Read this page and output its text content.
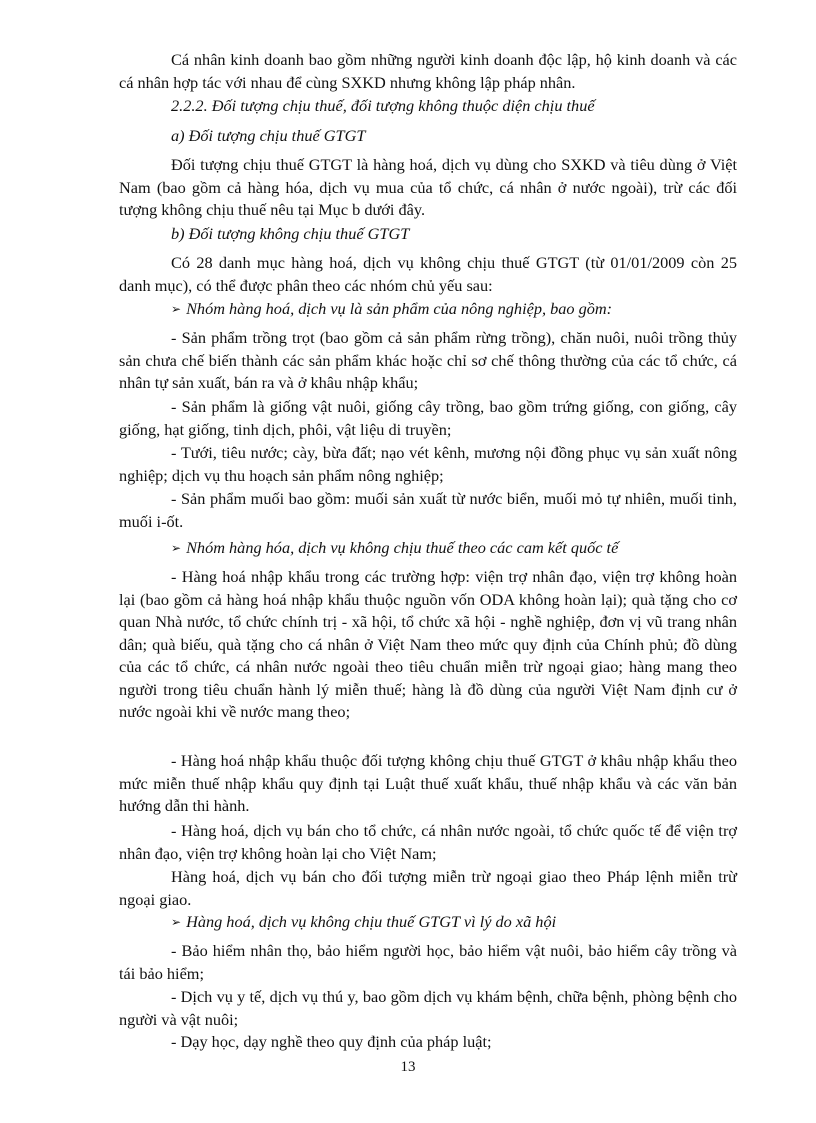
Cá nhân kinh doanh bao gồm những người kinh doanh độc lập, hộ kinh doanh và các cá nhân hợp tác với nhau để cùng SXKD nhưng không lập pháp nhân.

2.2.2. Đối tượng chịu thuế, đối tượng không thuộc diện chịu thuế

a) Đối tượng chịu thuế GTGT

Đối tượng chịu thuế GTGT là hàng hoá, dịch vụ dùng cho SXKD và tiêu dùng ở Việt Nam (bao gồm cả hàng hóa, dịch vụ mua của tổ chức, cá nhân ở nước ngoài), trừ các đối tượng không chịu thuế nêu tại Mục b dưới đây.

b) Đối tượng không chịu thuế GTGT

Có 28 danh mục hàng hoá, dịch vụ không chịu thuế GTGT (từ 01/01/2009 còn 25 danh mục), có thể được phân theo các nhóm chủ yếu sau:

➢ Nhóm hàng hoá, dịch vụ là sản phẩm của nông nghiệp, bao gồm:

- Sản phẩm trồng trọt (bao gồm cả sản phẩm rừng trồng), chăn nuôi, nuôi trồng thủy sản chưa chế biến thành các sản phẩm khác hoặc chỉ sơ chế thông thường của các tổ chức, cá nhân tự sản xuất, bán ra và ở khâu nhập khẩu;

- Sản phẩm là giống vật nuôi, giống cây trồng, bao gồm trứng giống, con giống, cây giống, hạt giống, tinh dịch, phôi, vật liệu di truyền;

- Tưới, tiêu nước; cày, bừa đất; nạo vét kênh, mương nội đồng phục vụ sản xuất nông nghiệp; dịch vụ thu hoạch sản phẩm nông nghiệp;

- Sản phẩm muối bao gồm: muối sản xuất từ nước biển, muối mỏ tự nhiên, muối tinh, muối i-ốt.

➢ Nhóm hàng hóa, dịch vụ không chịu thuế theo các cam kết quốc tế

- Hàng hoá nhập khẩu trong các trường hợp: viện trợ nhân đạo, viện trợ không hoàn lại (bao gồm cả hàng hoá nhập khẩu thuộc nguồn vốn ODA không hoàn lại); quà tặng cho cơ quan Nhà nước, tổ chức chính trị - xã hội, tổ chức xã hội - nghề nghiệp, đơn vị vũ trang nhân dân; quà biếu, quà tặng cho cá nhân ở Việt Nam theo mức quy định của Chính phủ; đồ dùng của các tổ chức, cá nhân nước ngoài theo tiêu chuẩn miễn trừ ngoại giao; hàng mang theo người trong tiêu chuẩn hành lý miễn thuế; hàng là đồ dùng của người Việt Nam định cư ở nước ngoài khi về nước mang theo;

- Hàng hoá nhập khẩu thuộc đối tượng không chịu thuế GTGT ở khâu nhập khẩu theo mức miễn thuế nhập khẩu quy định tại Luật thuế xuất khẩu, thuế nhập khẩu và các văn bản hướng dẫn thi hành.

- Hàng hoá, dịch vụ bán cho tổ chức, cá nhân nước ngoài, tổ chức quốc tế để viện trợ nhân đạo, viện trợ không hoàn lại cho Việt Nam;

Hàng hoá, dịch vụ bán cho đối tượng miễn trừ ngoại giao theo Pháp lệnh miễn trừ ngoại giao.

➢ Hàng hoá, dịch vụ không chịu thuế GTGT vì lý do xã hội

- Bảo hiểm nhân thọ, bảo hiểm người học, bảo hiểm vật nuôi, bảo hiểm cây trồng và tái bảo hiểm;

- Dịch vụ y tế, dịch vụ thú y, bao gồm dịch vụ khám bệnh, chữa bệnh, phòng bệnh cho người và vật nuôi;

- Dạy học, dạy nghề theo quy định của pháp luật;

13
